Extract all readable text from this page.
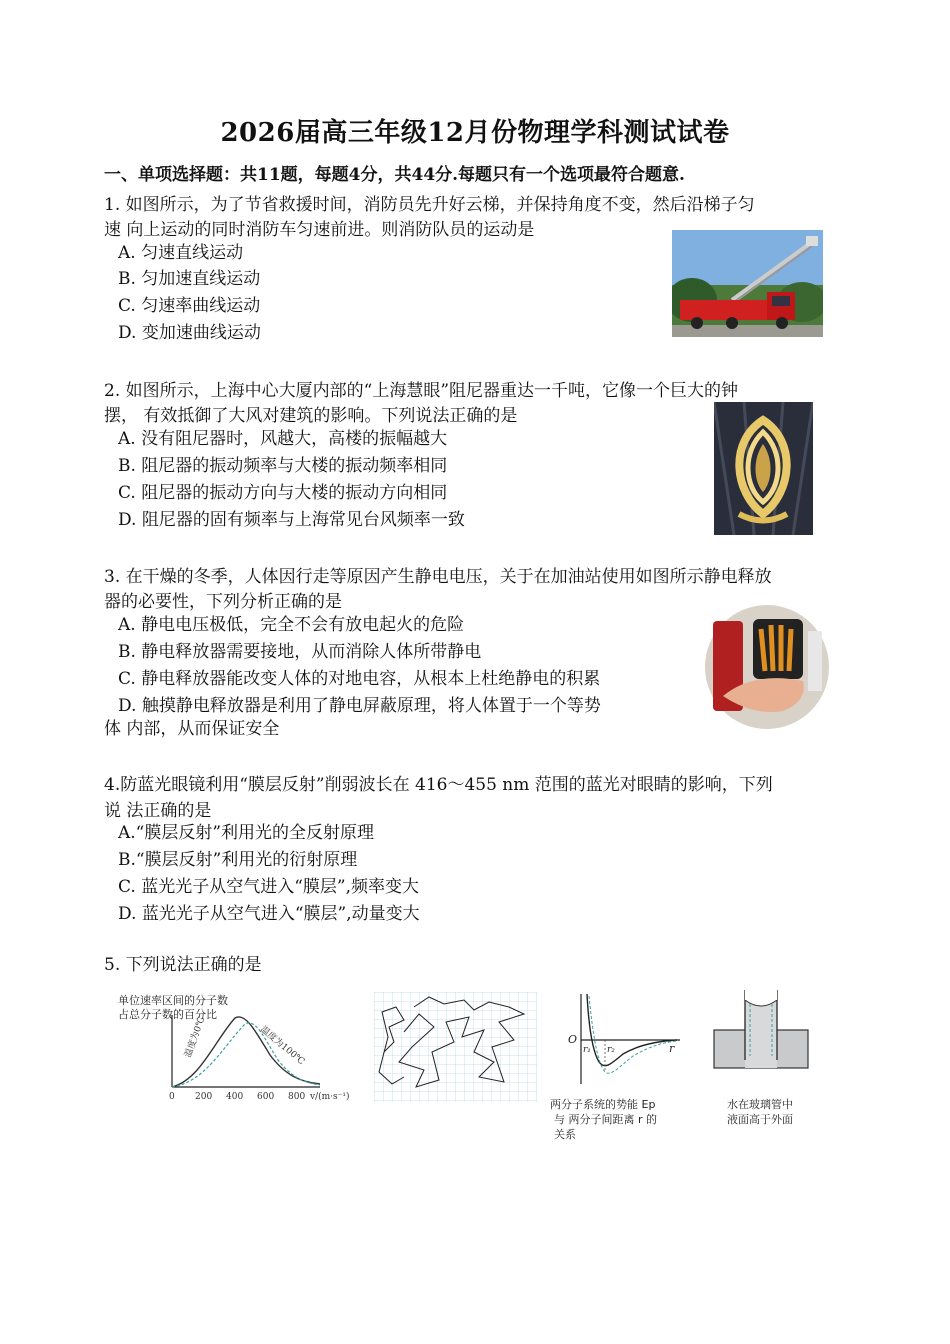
2026届高三年级12月份物理学科测试试卷
一、单项选择题：共11题，每题4分，共44分.每题只有一个选项最符合题意.
1. 如图所示，为了节省救援时间，消防员先升好云梯，并保持角度不变，然后沿梯子匀
速 向上运动的同时消防车匀速前进。则消防队员的运动是
A. 匀速直线运动
B. 匀加速直线运动
C. 匀速率曲线运动
D. 变加速曲线运动
2. 如图所示，上海中心大厦内部的“上海慧眼”阻尼器重达一千吨，它像一个巨大的钟
摆， 有效抵御了大风对建筑的影响。下列说法正确的是
A. 没有阻尼器时，风越大，高楼的振幅越大
B. 阻尼器的振动频率与大楼的振动频率相同
C. 阻尼器的振动方向与大楼的振动方向相同
D. 阻尼器的固有频率与上海常见台风频率一致
3. 在干燥的冬季，人体因行走等原因产生静电电压，关于在加油站使用如图所示静电释放
器的必要性，下列分析正确的是
A. 静电电压极低，完全不会有放电起火的危险
B. 静电释放器需要接地，从而消除人体所带静电
C. 静电释放器能改变人体的对地电容，从根本上杜绝静电的积累
D. 触摸静电释放器是利用了静电屏蔽原理，将人体置于一个等势
体 内部，从而保证安全
4.防蓝光眼镜利用“膜层反射”削弱波长在 416～455 nm 范围的蓝光对眼睛的影响，下列
说 法正确的是
A.“膜层反射”利用光的全反射原理
B.“膜层反射”利用光的衍射原理
C. 蓝光光子从空气进入“膜层”,频率变大
D. 蓝光光子从空气进入“膜层”,动量变大
5. 下列说法正确的是
单位速率区间的分子数
占总分子数的百分比
温度为0℃	温度为100℃
0 200 400 600 800 v/(m·s⁻¹)
O
r₁ r₂	r
两分子系统的势能 Ep
与 两分子间距离 r 的
关系
水在玻璃管中
液面高于外面
